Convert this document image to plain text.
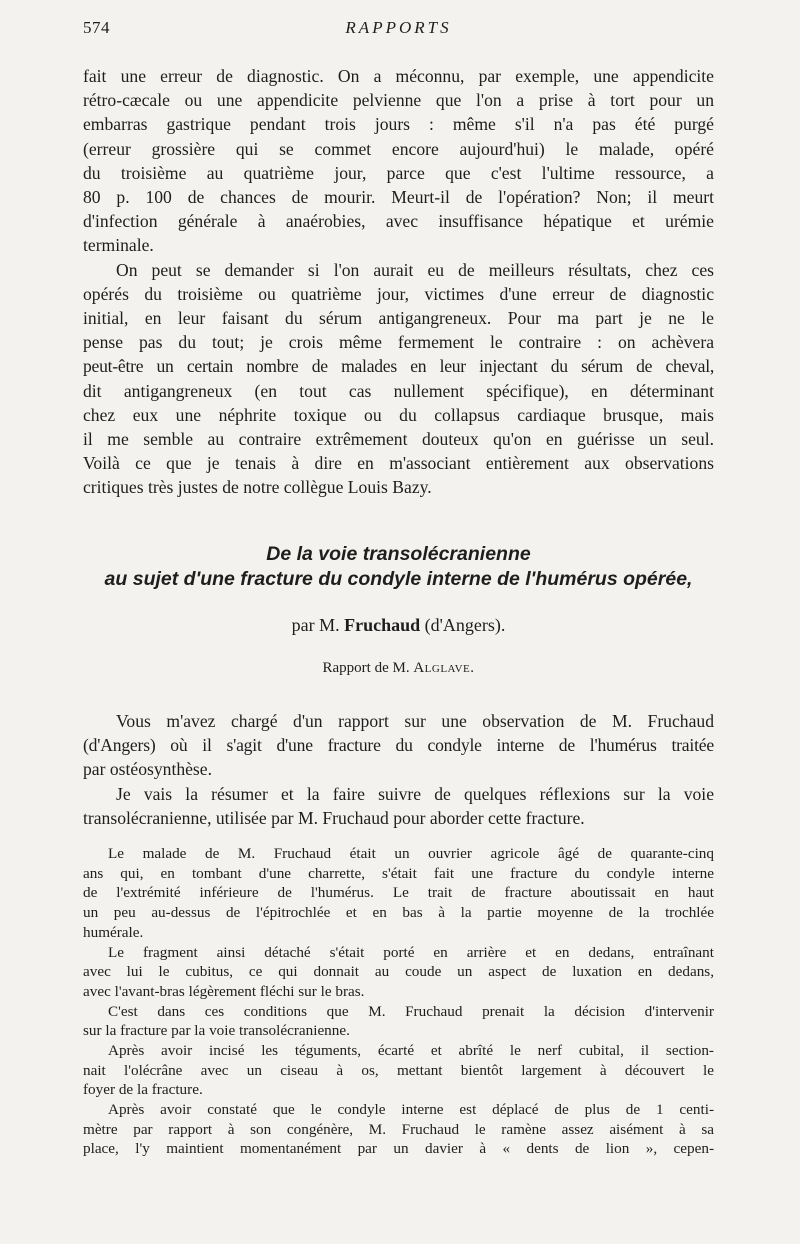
574	RAPPORTS
fait une erreur de diagnostic. On a méconnu, par exemple, une appendicite
rétro-cæcale ou une appendicite pelvienne que l'on a prise à tort pour un
embarras gastrique pendant trois jours : même s'il n'a pas été purgé
(erreur grossière qui se commet encore aujourd'hui) le malade, opéré
du troisième au quatrième jour, parce que c'est l'ultime ressource, a
80 p. 100 de chances de mourir. Meurt-il de l'opération? Non; il meurt
d'infection générale à anaérobies, avec insuffisance hépatique et urémie
terminale.
On peut se demander si l'on aurait eu de meilleurs résultats, chez ces
opérés du troisième ou quatrième jour, victimes d'une erreur de diagnostic
initial, en leur faisant du sérum antigangreneux. Pour ma part je ne le
pense pas du tout; je crois même fermement le contraire : on achèvera
peut-être un certain nombre de malades en leur injectant du sérum de cheval,
dit antigangreneux (en tout cas nullement spécifique), en déterminant
chez eux une néphrite toxique ou du collapsus cardiaque brusque, mais
il me semble au contraire extrêmement douteux qu'on en guérisse un seul.
Voilà ce que je tenais à dire en m'associant entièrement aux observations
critiques très justes de notre collègue Louis Bazy.
De la voie transolécranienne
au sujet d'une fracture du condyle interne de l'humérus opérée,
par M. Fruchaud (d'Angers).
Rapport de M. Alglave.
Vous m'avez chargé d'un rapport sur une observation de M. Fruchaud
(d'Angers) où il s'agit d'une fracture du condyle interne de l'humérus traitée
par ostéosynthèse.
Je vais la résumer et la faire suivre de quelques réflexions sur la voie
transolécranienne, utilisée par M. Fruchaud pour aborder cette fracture.
Le malade de M. Fruchaud était un ouvrier agricole âgé de quarante-cinq
ans qui, en tombant d'une charrette, s'était fait une fracture du condyle interne
de l'extrémité inférieure de l'humérus. Le trait de fracture aboutissait en haut
un peu au-dessus de l'épitrochlée et en bas à la partie moyenne de la trochlée
humérale.
Le fragment ainsi détaché s'était porté en arrière et en dedans, entraînant
avec lui le cubitus, ce qui donnait au coude un aspect de luxation en dedans,
avec l'avant-bras légèrement fléchi sur le bras.
C'est dans ces conditions que M. Fruchaud prenait la décision d'intervenir
sur la fracture par la voie transolécranienne.
Après avoir incisé les téguments, écarté et abrîté le nerf cubital, il section-
nait l'olécrâne avec un ciseau à os, mettant bientôt largement à découvert le
foyer de la fracture.
Après avoir constaté que le condyle interne est déplacé de plus de 1 centi-
mètre par rapport à son congénère, M. Fruchaud le ramène assez aisément à sa
place, l'y maintient momentanément par un davier à « dents de lion », cepen-
